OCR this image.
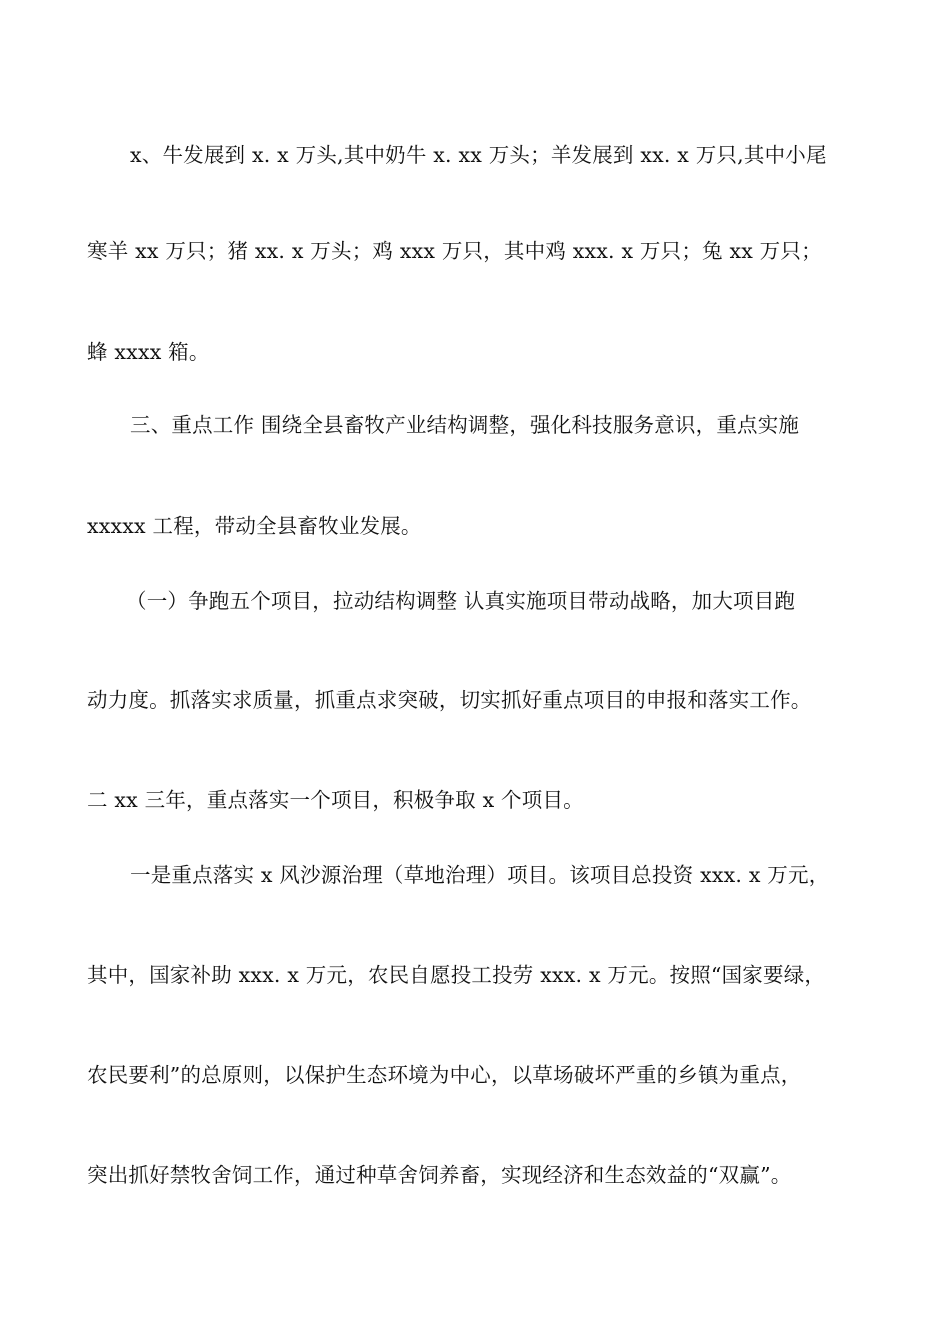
x、牛发展到 x. x 万头,其中奶牛 x. xx 万头；羊发展到 xx. x 万只,其中小尾
寒羊 xx 万只；猪 xx. x 万头；鸡 xxx 万只，其中鸡 xxx. x 万只；兔 xx 万只；
蜂 xxxx 箱。
三、重点工作 围绕全县畜牧产业结构调整，强化科技服务意识，重点实施
xxxxx 工程，带动全县畜牧业发展。
（一）争跑五个项目，拉动结构调整 认真实施项目带动战略，加大项目跑
动力度。抓落实求质量，抓重点求突破，切实抓好重点项目的申报和落实工作。
二 xx 三年，重点落实一个项目，积极争取 x 个项目。
一是重点落实 x 风沙源治理（草地治理）项目。该项目总投资 xxx. x 万元，
其中，国家补助 xxx. x 万元，农民自愿投工投劳 xxx. x 万元。按照“国家要绿，
农民要利”的总原则，以保护生态环境为中心，以草场破坏严重的乡镇为重点，
突出抓好禁牧舍饲工作，通过种草舍饲养畜，实现经济和生态效益的“双赢”。
